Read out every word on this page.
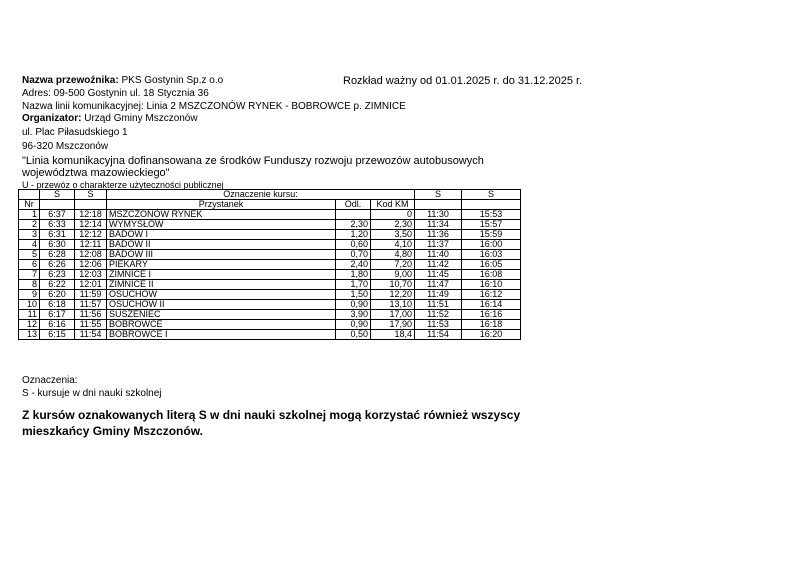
Nazwa przewoźnika: PKS Gostynin Sp.z o.o	Rozkład ważny od 01.01.2025 r. do 31.12.2025 r.
Adres: 09-500 Gostynin ul. 18 Stycznia 36
Nazwa linii komunikacyjnej: Linia 2 MSZCZONÓW RYNEK - BOBROWCE p. ZIMNICE
Organizator: Urząd Gminy Mszczonów
ul. Plac Piłasudskiego 1
96-320 Mszczonów
"Linia komunikacyjna dofinansowana ze środków Funduszy rozwoju przewozów autobusowych
województwa mazowieckiego"
U - przewóz o charakterze użyteczności publicznej
	S	S	Oznaczenie kursu:			S	S
Nr			Przystanek	Odl.	Kod KM		
1	6:37	12:18	MSZCZONÓW RYNEK		0	11:30	15:53
2	6:33	12:14	WYMYSŁÓW	2,30	2,30	11:34	15:57
3	6:31	12:12	BADÓW I	1,20	3,50	11:36	15:59
4	6:30	12:11	BADÓW II	0,60	4,10	11:37	16:00
5	6:28	12:08	BADÓW III	0,70	4,80	11:40	16:03
6	6:26	12:06	PIEKARY	2,40	7,20	11:42	16:05
7	6:23	12:03	ZIMNICE I	1,80	9,00	11:45	16:08
8	6:22	12:01	ZIMNICE II	1,70	10,70	11:47	16:10
9	6:20	11:59	OSUCHÓW	1,50	12,20	11:49	16:12
10	6:18	11:57	OSUCHÓW II	0,90	13,10	11:51	16:14
11	6:17	11:56	SUSZENIEC	3,90	17,00	11:52	16:16
12	6:16	11:55	BOBROWCE	0,90	17,90	11:53	16:18
13	6:15	11:54	BOBROWCE I	0,50	18,4	11:54	16:20
Oznaczenia:
S - kursuje w dni nauki szkolnej
Z kursów oznakowanych literą S w dni nauki szkolnej mogą korzystać również wszyscy
mieszkańcy Gminy Mszczonów.
